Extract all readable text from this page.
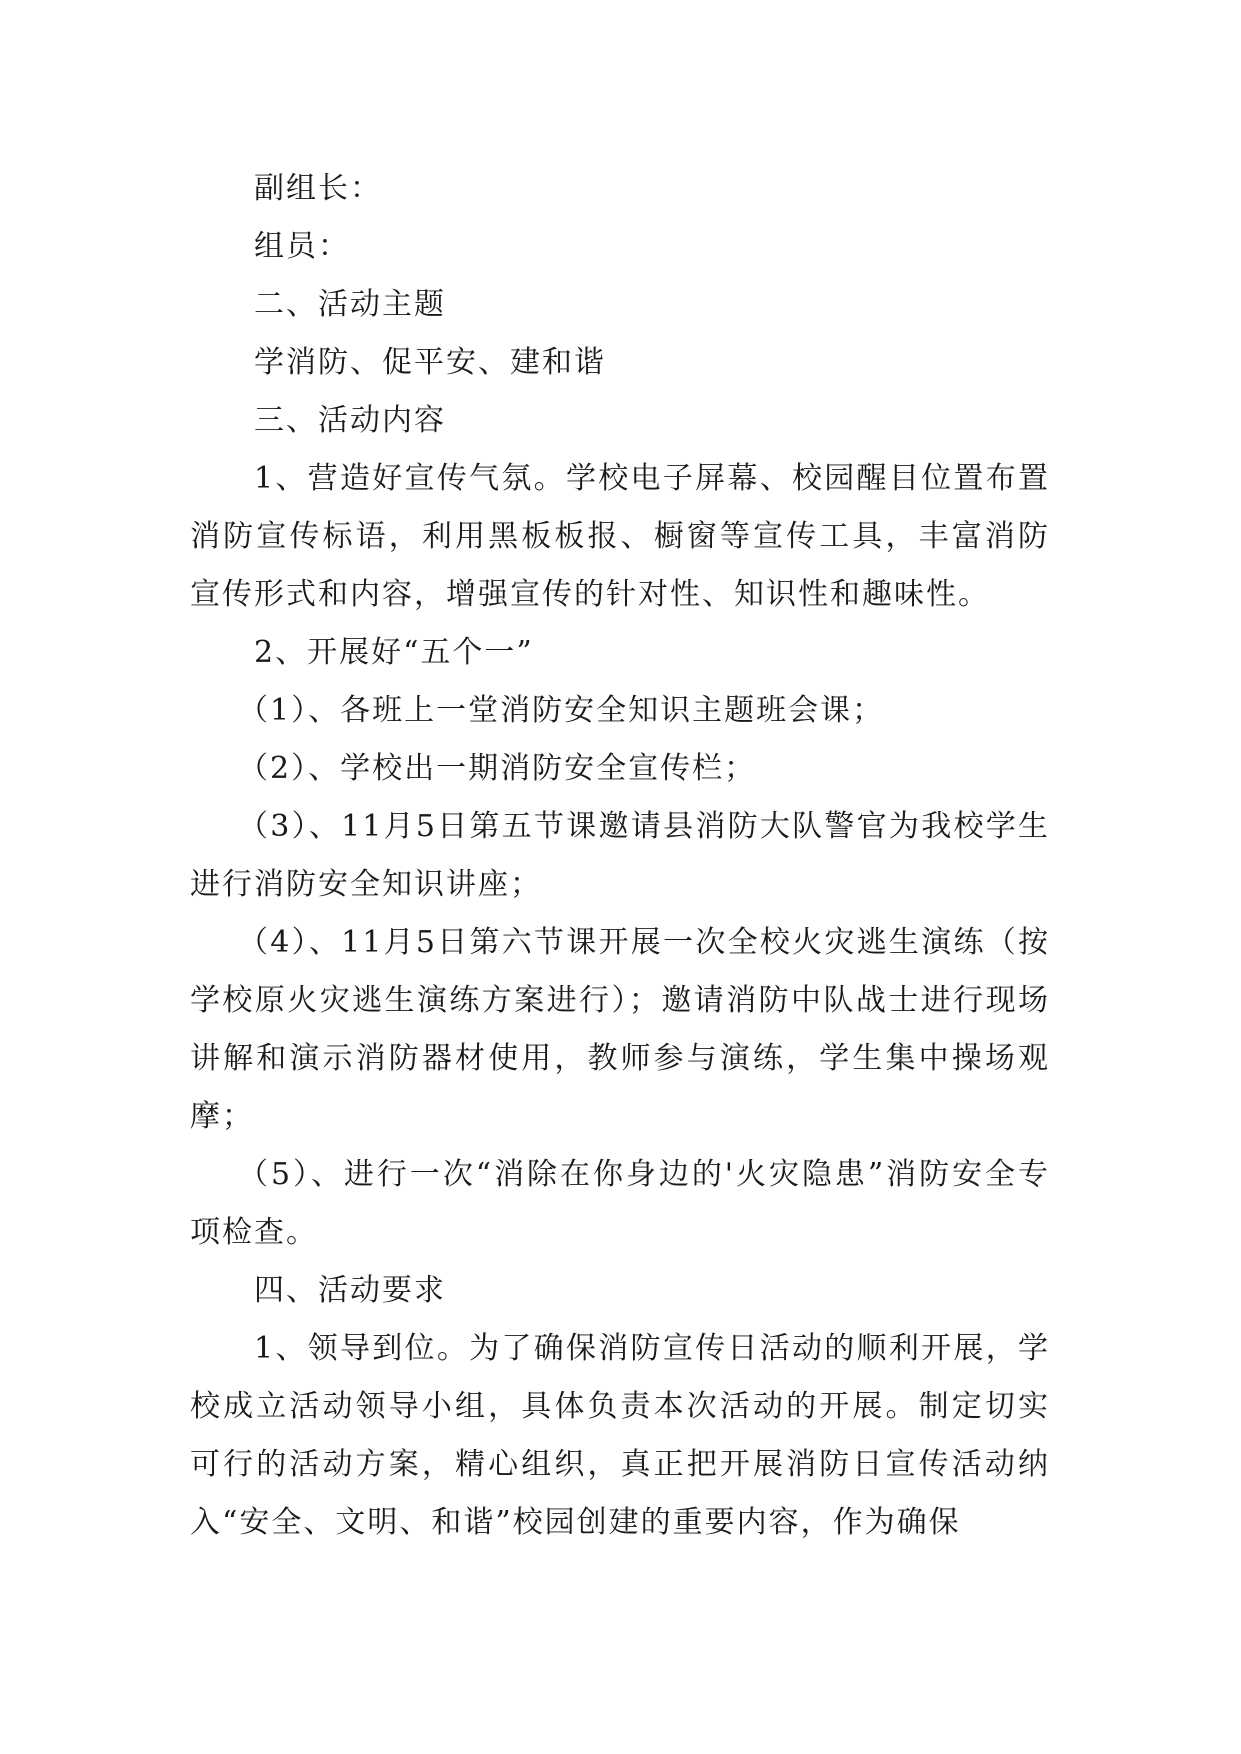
副组长：

组员：

二、活动主题

学消防、促平安、建和谐

三、活动内容

1、营造好宣传气氛。学校电子屏幕、校园醒目位置布置消防宣传标语，利用黑板板报、橱窗等宣传工具，丰富消防宣传形式和内容，增强宣传的针对性、知识性和趣味性。

2、开展好“五个一”

（1）、各班上一堂消防安全知识主题班会课；

（2）、学校出一期消防安全宣传栏；

（3）、11月5日第五节课邀请县消防大队警官为我校学生进行消防安全知识讲座；

（4）、11月5日第六节课开展一次全校火灾逃生演练（按学校原火灾逃生演练方案进行）；邀请消防中队战士进行现场讲解和演示消防器材使用，教师参与演练，学生集中操场观摩；

（5）、进行一次“消除在你身边的'火灾隐患”消防安全专项检查。

四、活动要求

1、领导到位。为了确保消防宣传日活动的顺利开展，学校成立活动领导小组，具体负责本次活动的开展。制定切实可行的活动方案，精心组织，真正把开展消防日宣传活动纳入“安全、文明、和谐”校园创建的重要内容，作为确保
